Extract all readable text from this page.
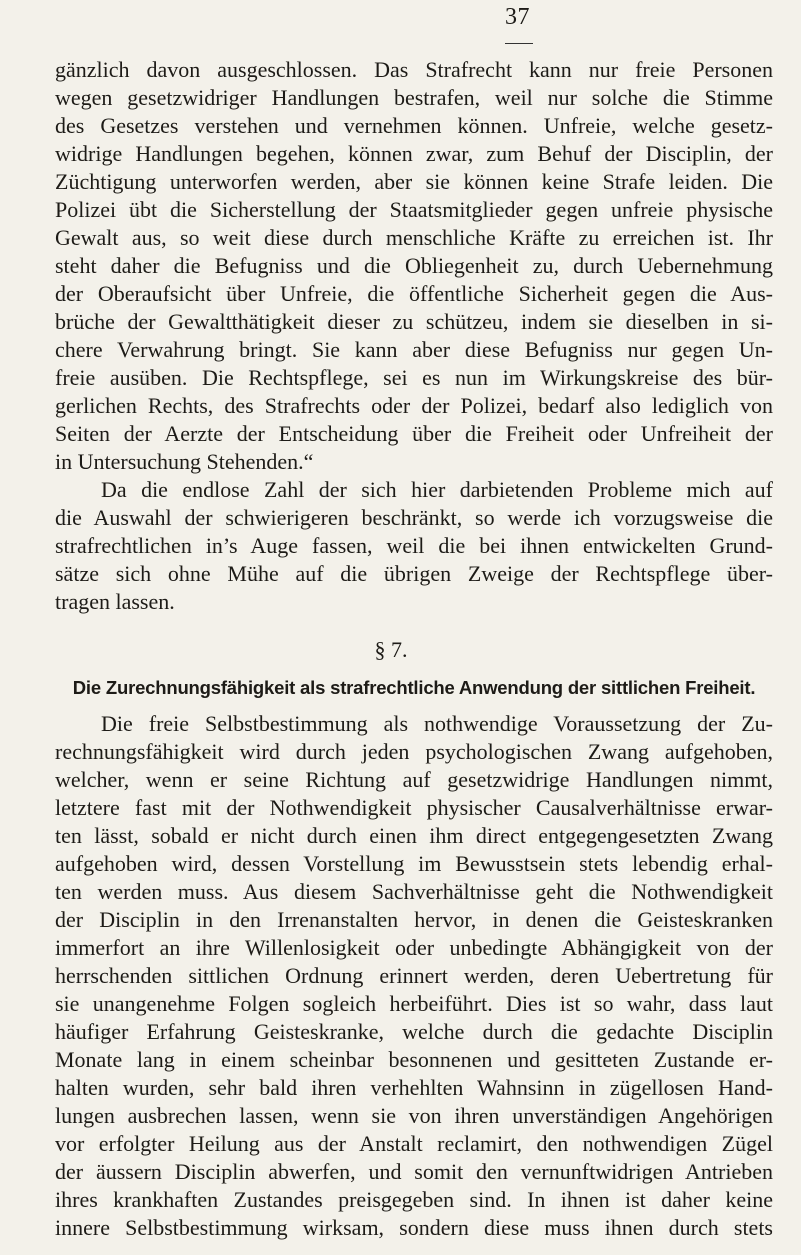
37
gänzlich davon ausgeschlossen. Das Strafrecht kann nur freie Personen
wegen gesetzwidriger Handlungen bestrafen, weil nur solche die Stimme
des Gesetzes verstehen und vernehmen können. Unfreie, welche gesetz-
widrige Handlungen begehen, können zwar, zum Behuf der Disciplin, der
Züchtigung unterworfen werden, aber sie können keine Strafe leiden. Die
Polizei übt die Sicherstellung der Staatsmitglieder gegen unfreie physische
Gewalt aus, so weit diese durch menschliche Kräfte zu erreichen ist. Ihr
steht daher die Befugniss und die Obliegenheit zu, durch Uebernehmung
der Oberaufsicht über Unfreie, die öffentliche Sicherheit gegen die Aus-
brüche der Gewaltthätigkeit dieser zu schützeu, indem sie dieselben in si-
chere Verwahrung bringt. Sie kann aber diese Befugniss nur gegen Un-
freie ausüben. Die Rechtspflege, sei es nun im Wirkungskreise des bür-
gerlichen Rechts, des Strafrechts oder der Polizei, bedarf also lediglich von
Seiten der Aerzte der Entscheidung über die Freiheit oder Unfreiheit der
in Untersuchung Stehenden.“
Da die endlose Zahl der sich hier darbietenden Probleme mich auf
die Auswahl der schwierigeren beschränkt, so werde ich vorzugsweise die
strafrechtlichen in’s Auge fassen, weil die bei ihnen entwickelten Grund-
sätze sich ohne Mühe auf die übrigen Zweige der Rechtspflege über-
tragen lassen.
§ 7.
Die Zurechnungsfähigkeit als strafrechtliche Anwendung der sittlichen Freiheit.
Die freie Selbstbestimmung als nothwendige Voraussetzung der Zu-
rechnungsfähigkeit wird durch jeden psychologischen Zwang aufgehoben,
welcher, wenn er seine Richtung auf gesetzwidrige Handlungen nimmt,
letztere fast mit der Nothwendigkeit physischer Causalverhältnisse erwar-
ten lässt, sobald er nicht durch einen ihm direct entgegengesetzten Zwang
aufgehoben wird, dessen Vorstellung im Bewusstsein stets lebendig erhal-
ten werden muss. Aus diesem Sachverhältnisse geht die Nothwendigkeit
der Disciplin in den Irrenanstalten hervor, in denen die Geisteskranken
immerfort an ihre Willenlosigkeit oder unbedingte Abhängigkeit von der
herrschenden sittlichen Ordnung erinnert werden, deren Uebertretung für
sie unangenehme Folgen sogleich herbeiführt. Dies ist so wahr, dass laut
häufiger Erfahrung Geisteskranke, welche durch die gedachte Disciplin
Monate lang in einem scheinbar besonnenen und gesitteten Zustande er-
halten wurden, sehr bald ihren verhehlten Wahnsinn in zügellosen Hand-
lungen ausbrechen lassen, wenn sie von ihren unverständigen Angehörigen
vor erfolgter Heilung aus der Anstalt reclamirt, den nothwendigen Zügel
der äussern Disciplin abwerfen, und somit den vernunftwidrigen Antrieben
ihres krankhaften Zustandes preisgegeben sind. In ihnen ist daher keine
innere Selbstbestimmung wirksam, sondern diese muss ihnen durch stets
